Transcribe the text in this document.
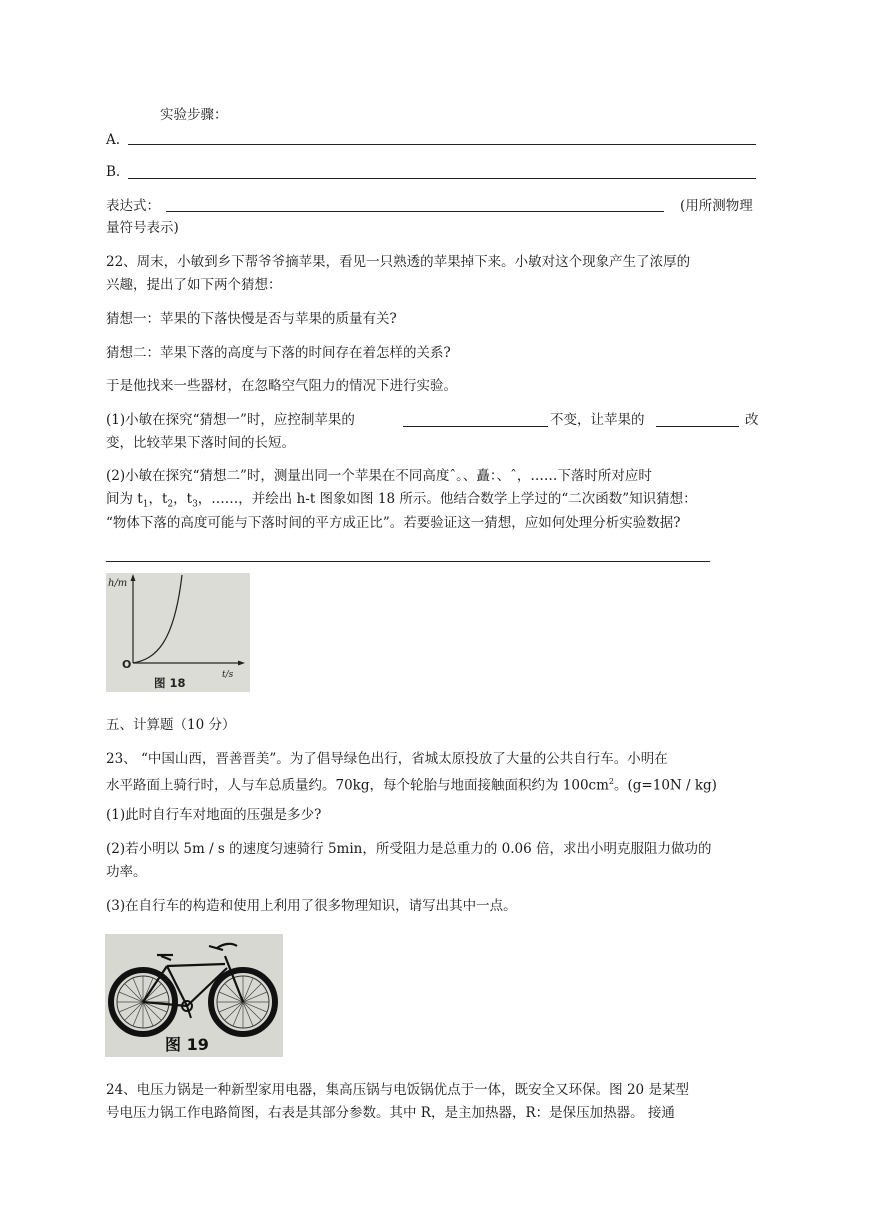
实验步骤：
A.
B.
表达式：	(用所测物理
量符号表示)
22、周末，小敏到乡下帮爷爷摘苹果，看见一只熟透的苹果掉下来。小敏对这个现象产生了浓厚的
兴趣，提出了如下两个猜想：
猜想一：苹果的下落快慢是否与苹果的质量有关?
猜想二：苹果下落的高度与下落的时间存在着怎样的关系?
于是他找来一些器材，在忽略空气阻力的情况下进行实验。
(1)小敏在探究“猜想一”时，应控制苹果的	不变，让苹果的	改
变，比较苹果下落时间的长短。
(2)小敏在探究“猜想二”时，测量出同一个苹果在不同高度ˆ。、矗：、ˆ，……下落时所对应时
间为 $t_1$，$t_2$，$t_3$，……，并绘出 h-t 图象如图 18 所示。他结合数学上学过的“二次函数”知识猜想：
“物体下落的高度可能与下落时间的平方成正比”。若要验证这一猜想，应如何处理分析实验数据?
h/m
O
t/s
图 18
五、计算题（10 分）
23、 “中国山西，晋善晋美”。为了倡导绿色出行，省城太原投放了大量的公共自行车。小明在
水平路面上骑行时，人与车总质量约。70kg，每个轮胎与地面接触面积约为 $100cm^2$。(g=10N / kg)
(1)此时自行车对地面的压强是多少?
(2)若小明以 5m / s 的速度匀速骑行 5min，所受阻力是总重力的 0.06 倍，求出小明克服阻力做功的
功率。
(3)在自行车的构造和使用上利用了很多物理知识，请写出其中一点。
图 19
24、电压力锅是一种新型家用电器，集高压锅与电饭锅优点于一体，既安全又环保。图 20 是某型
号电压力锅工作电路简图，右表是其部分参数。其中 R，是主加热器，R：是保压加热器。 接通
